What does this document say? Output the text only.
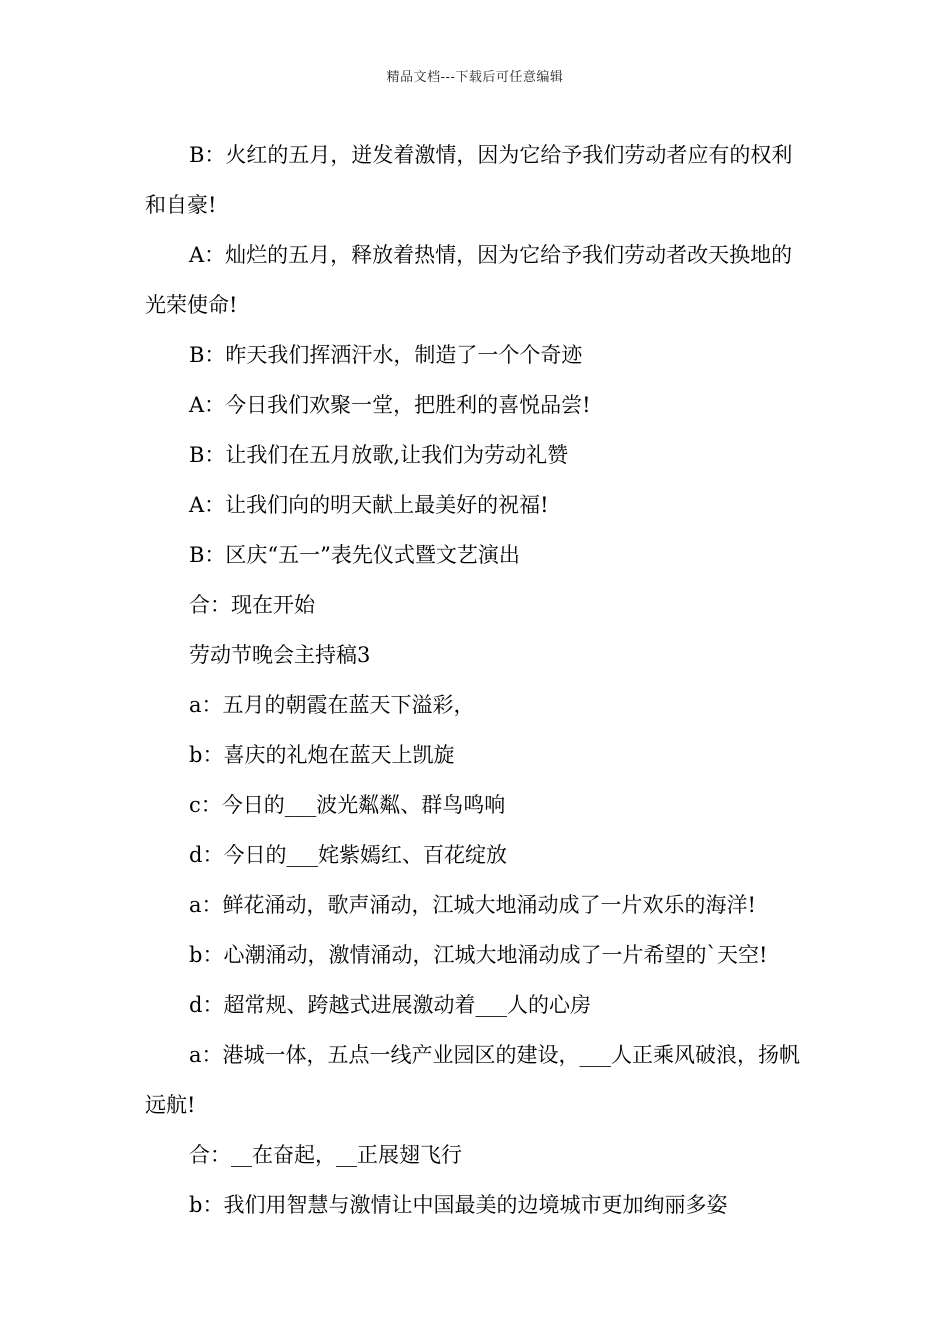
精品文档---下载后可任意编辑

B：火红的五月，迸发着激情，因为它给予我们劳动者应有的权利和自豪!

A：灿烂的五月，释放着热情，因为它给予我们劳动者改天换地的光荣使命!

B：昨天我们挥洒汗水，制造了一个个奇迹

A：今日我们欢聚一堂，把胜利的喜悦品尝!

B：让我们在五月放歌,让我们为劳动礼赞

A：让我们向的明天献上最美好的祝福!

B：区庆“五一”表先仪式暨文艺演出

合：现在开始

劳动节晚会主持稿3

a：五月的朝霞在蓝天下溢彩，

b：喜庆的礼炮在蓝天上凯旋

c：今日的___波光粼粼、群鸟鸣响

d：今日的___姹紫嫣红、百花绽放

a：鲜花涌动，歌声涌动，江城大地涌动成了一片欢乐的海洋!

b：心潮涌动，激情涌动，江城大地涌动成了一片希望的`天空!

d：超常规、跨越式进展激动着___人的心房

a：港城一体，五点一线产业园区的建设，___人正乘风破浪，扬帆远航!

合：__在奋起，__正展翅飞行

b：我们用智慧与激情让中国最美的边境城市更加绚丽多姿
